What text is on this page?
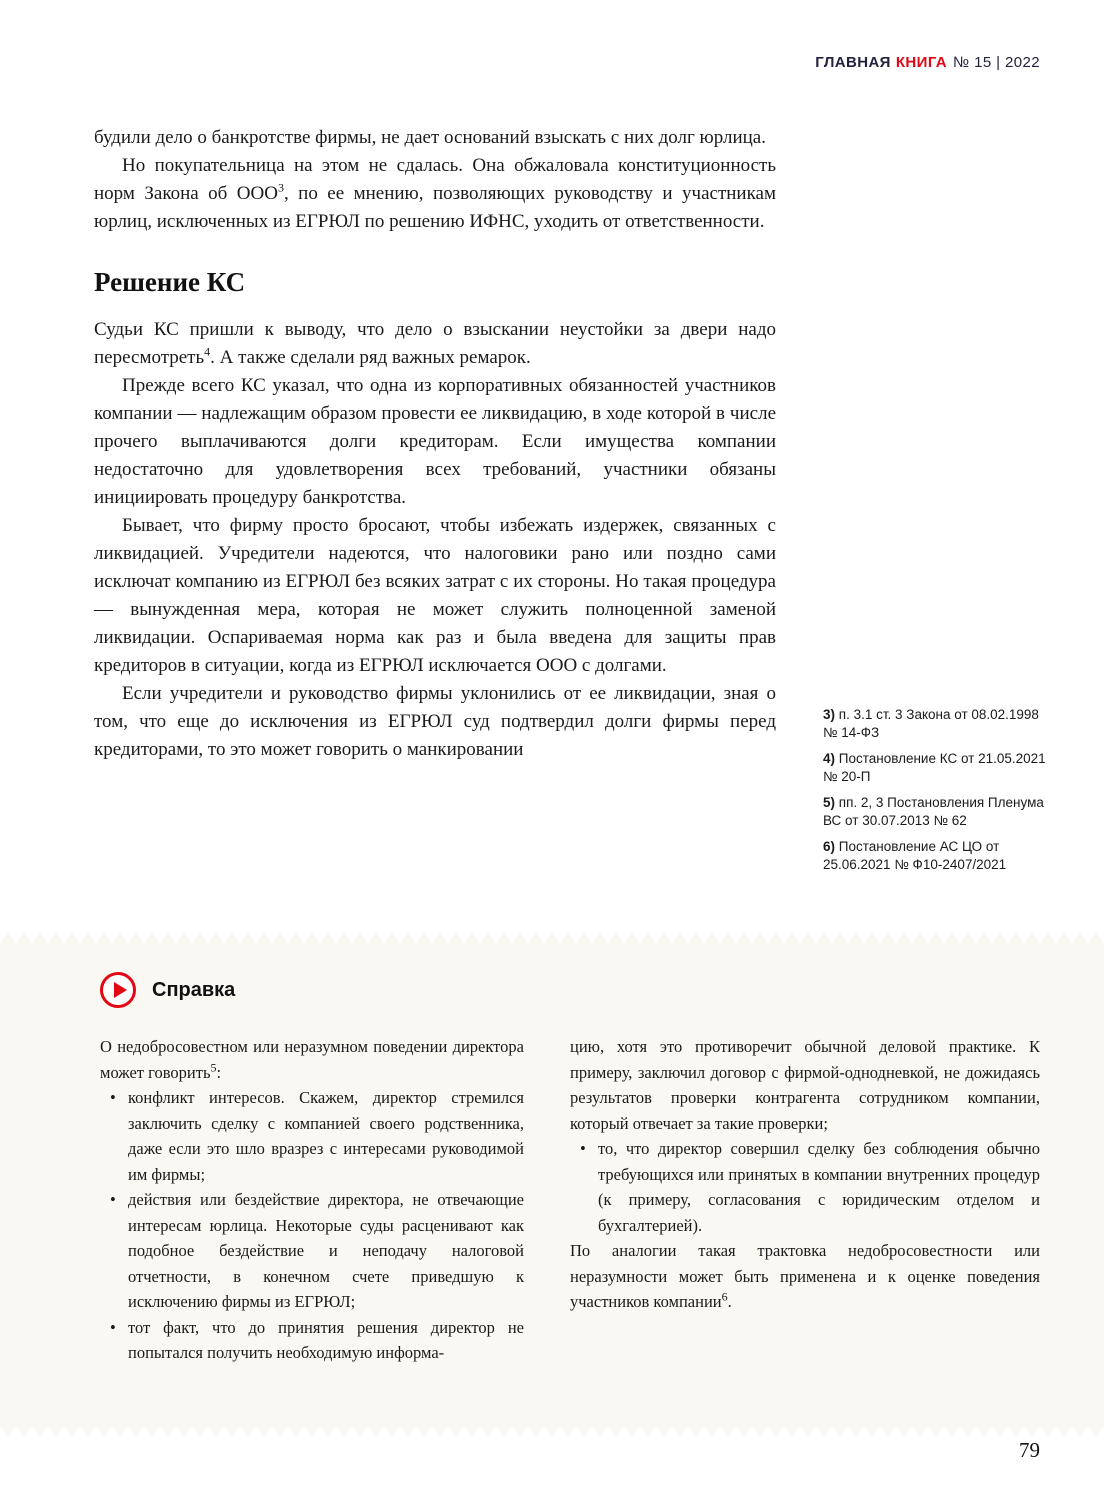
ГЛАВНАЯ КНИГА № 15 | 2022

будили дело о банкротстве фирмы, не дает оснований взыскать с них долг юрлица.

Но покупательница на этом не сдалась. Она обжаловала конституционность норм Закона об ООО$^3$, по ее мнению, позволяющих руководству и участникам юрлиц, исключенных из ЕГРЮЛ по решению ИФНС, уходить от ответственности.

Решение КС

Судьи КС пришли к выводу, что дело о взыскании неустойки за двери надо пересмотреть$^4$. А также сделали ряд важных ремарок.

Прежде всего КС указал, что одна из корпоративных обязанностей участников компании — надлежащим образом провести ее ликвидацию, в ходе которой в числе прочего выплачиваются долги кредиторам. Если имущества компании недостаточно для удовлетворения всех требований, участники обязаны инициировать процедуру банкротства.

Бывает, что фирму просто бросают, чтобы избежать издержек, связанных с ликвидацией. Учредители надеются, что налоговики рано или поздно сами исключат компанию из ЕГРЮЛ без всяких затрат с их стороны. Но такая процедура — вынужденная мера, которая не может служить полноценной заменой ликвидации. Оспариваемая норма как раз и была введена для защиты прав кредиторов в ситуации, когда из ЕГРЮЛ исключается ООО с долгами.

Если учредители и руководство фирмы уклонились от ее ликвидации, зная о том, что еще до исключения из ЕГРЮЛ суд подтвердил долги фирмы перед кредиторами, то это может говорить о манкировании

3) п. 3.1 ст. 3 Закона от 08.02.1998 № 14-ФЗ

4) Постановление КС от 21.05.2021 № 20-П

5) пп. 2, 3 Постановления Пленума ВС от 30.07.2013 № 62

6) Постановление АС ЦО от 25.06.2021 № Ф10-2407/2021

Справка

О недобросовестном или неразумном поведении директора может говорить$^5$:

• конфликт интересов. Скажем, директор стремился заключить сделку с компанией своего родственника, даже если это шло вразрез с интересами руководимой им фирмы;
• действия или бездействие директора, не отвечающие интересам юрлица. Некоторые суды расценивают как подобное бездействие и неподачу налоговой отчетности, в конечном счете приведшую к исключению фирмы из ЕГРЮЛ;
• тот факт, что до принятия решения директор не попытался получить необходимую информа-

цию, хотя это противоречит обычной деловой практике. К примеру, заключил договор с фирмой-однодневкой, не дожидаясь результатов проверки контрагента сотрудником компании, который отвечает за такие проверки;

• то, что директор совершил сделку без соблюдения обычно требующихся или принятых в компании внутренних процедур (к примеру, согласования с юридическим отделом и бухгалтерией).

По аналогии такая трактовка недобросовестности или неразумности может быть применена и к оценке поведения участников компании$^6$.

79
